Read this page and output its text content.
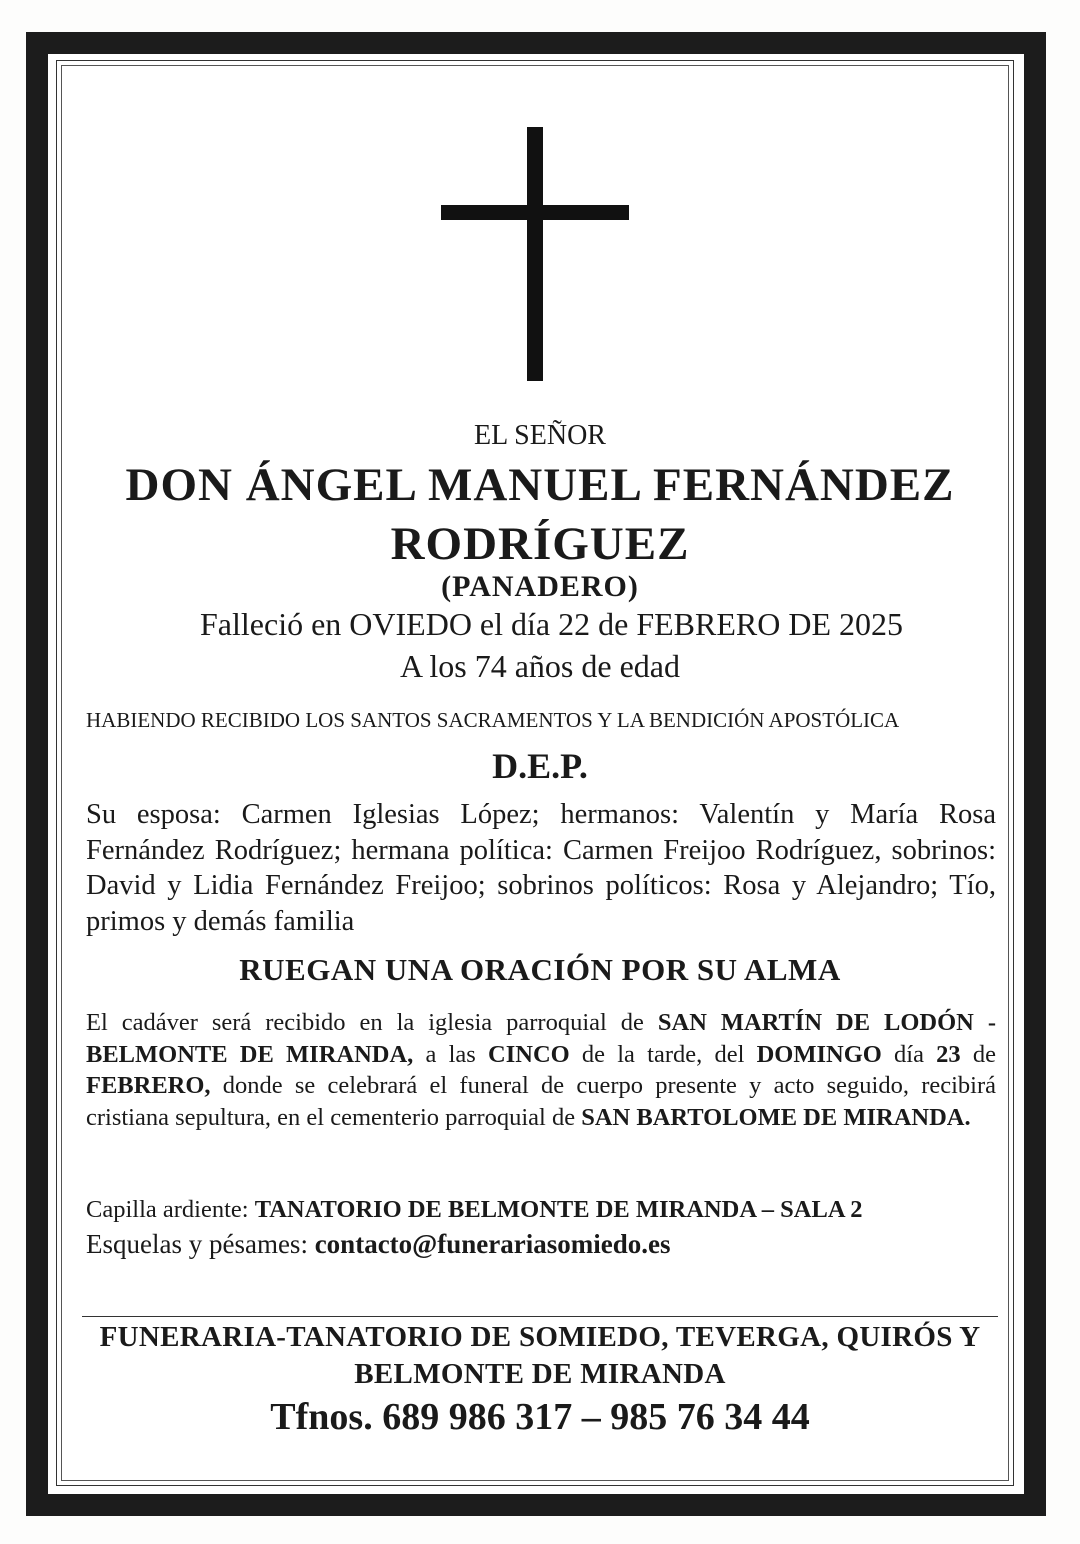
EL SEÑOR
DON ÁNGEL MANUEL FERNÁNDEZ
RODRÍGUEZ
(PANADERO)
Falleció en OVIEDO el día 22 de FEBRERO DE 2025
A los 74 años de edad
HABIENDO RECIBIDO LOS SANTOS SACRAMENTOS Y LA BENDICIÓN APOSTÓLICA
D.E.P.
Su esposa: Carmen Iglesias López; hermanos: Valentín y María Rosa Fernández Rodríguez; hermana política: Carmen Freijoo Rodríguez, sobrinos: David y Lidia Fernández Freijoo; sobrinos políticos: Rosa y Alejandro; Tío, primos y demás familia
RUEGAN UNA ORACIÓN POR SU ALMA
El cadáver será recibido en la iglesia parroquial de SAN MARTÍN DE LODÓN - BELMONTE DE MIRANDA, a las CINCO de la tarde, del DOMINGO día 23 de FEBRERO, donde se celebrará el funeral de cuerpo presente y acto seguido, recibirá cristiana sepultura, en el cementerio parroquial de SAN BARTOLOME DE MIRANDA.
Capilla ardiente: TANATORIO DE BELMONTE DE MIRANDA – SALA 2
Esquelas y pésames: contacto@funerariasomiedo.es
FUNERARIA-TANATORIO DE SOMIEDO, TEVERGA, QUIRÓS Y
BELMONTE DE MIRANDA
Tfnos. 689 986 317 – 985 76 34 44
